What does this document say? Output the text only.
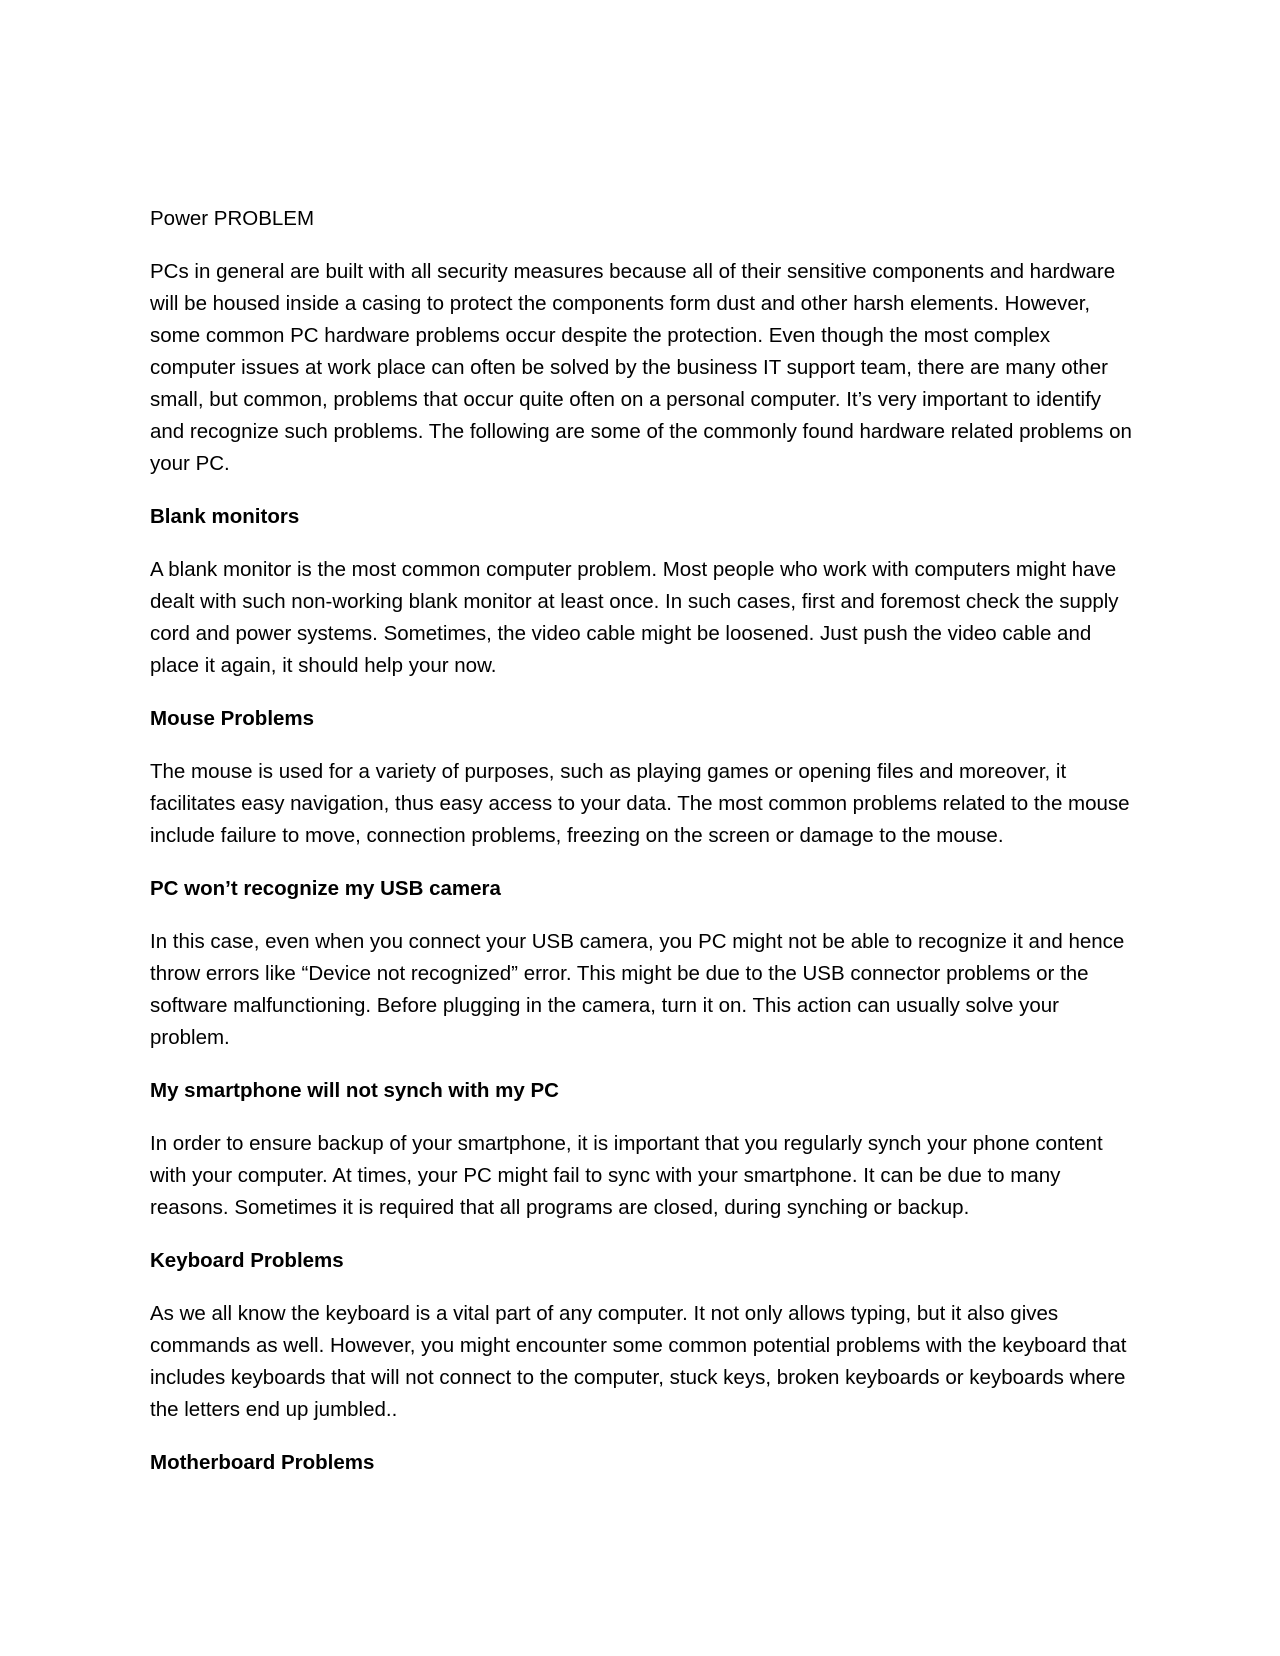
Power PROBLEM

PCs in general are built with all security measures because all of their sensitive components and hardware will be housed inside a casing to protect the components form dust and other harsh elements. However, some common PC hardware problems occur despite the protection. Even though the most complex computer issues at work place can often be solved by the business IT support team, there are many other small, but common, problems that occur quite often on a personal computer. It’s very important to identify and recognize such problems. The following are some of the commonly found hardware related problems on your PC.

Blank monitors

A blank monitor is the most common computer problem. Most people who work with computers might have dealt with such non-working blank monitor at least once. In such cases, first and foremost check the supply cord and power systems. Sometimes, the video cable might be loosened. Just push the video cable and place it again, it should help your now.

Mouse Problems

The mouse is used for a variety of purposes, such as playing games or opening files and moreover, it facilitates easy navigation, thus easy access to your data. The most common problems related to the mouse include failure to move, connection problems, freezing on the screen or damage to the mouse.

PC won’t recognize my USB camera

In this case, even when you connect your USB camera, you PC might not be able to recognize it and hence throw errors like “Device not recognized” error. This might be due to the USB connector problems or the software malfunctioning. Before plugging in the camera, turn it on. This action can usually solve your problem.

My smartphone will not synch with my PC

In order to ensure backup of your smartphone, it is important that you regularly synch your phone content with your computer. At times, your PC might fail to sync with your smartphone. It can be due to many reasons. Sometimes it is required that all programs are closed, during synching or backup.

Keyboard Problems

As we all know the keyboard is a vital part of any computer. It not only allows typing, but it also gives commands as well. However, you might encounter some common potential problems with the keyboard that includes keyboards that will not connect to the computer, stuck keys, broken keyboards or keyboards where the letters end up jumbled..

Motherboard Problems
